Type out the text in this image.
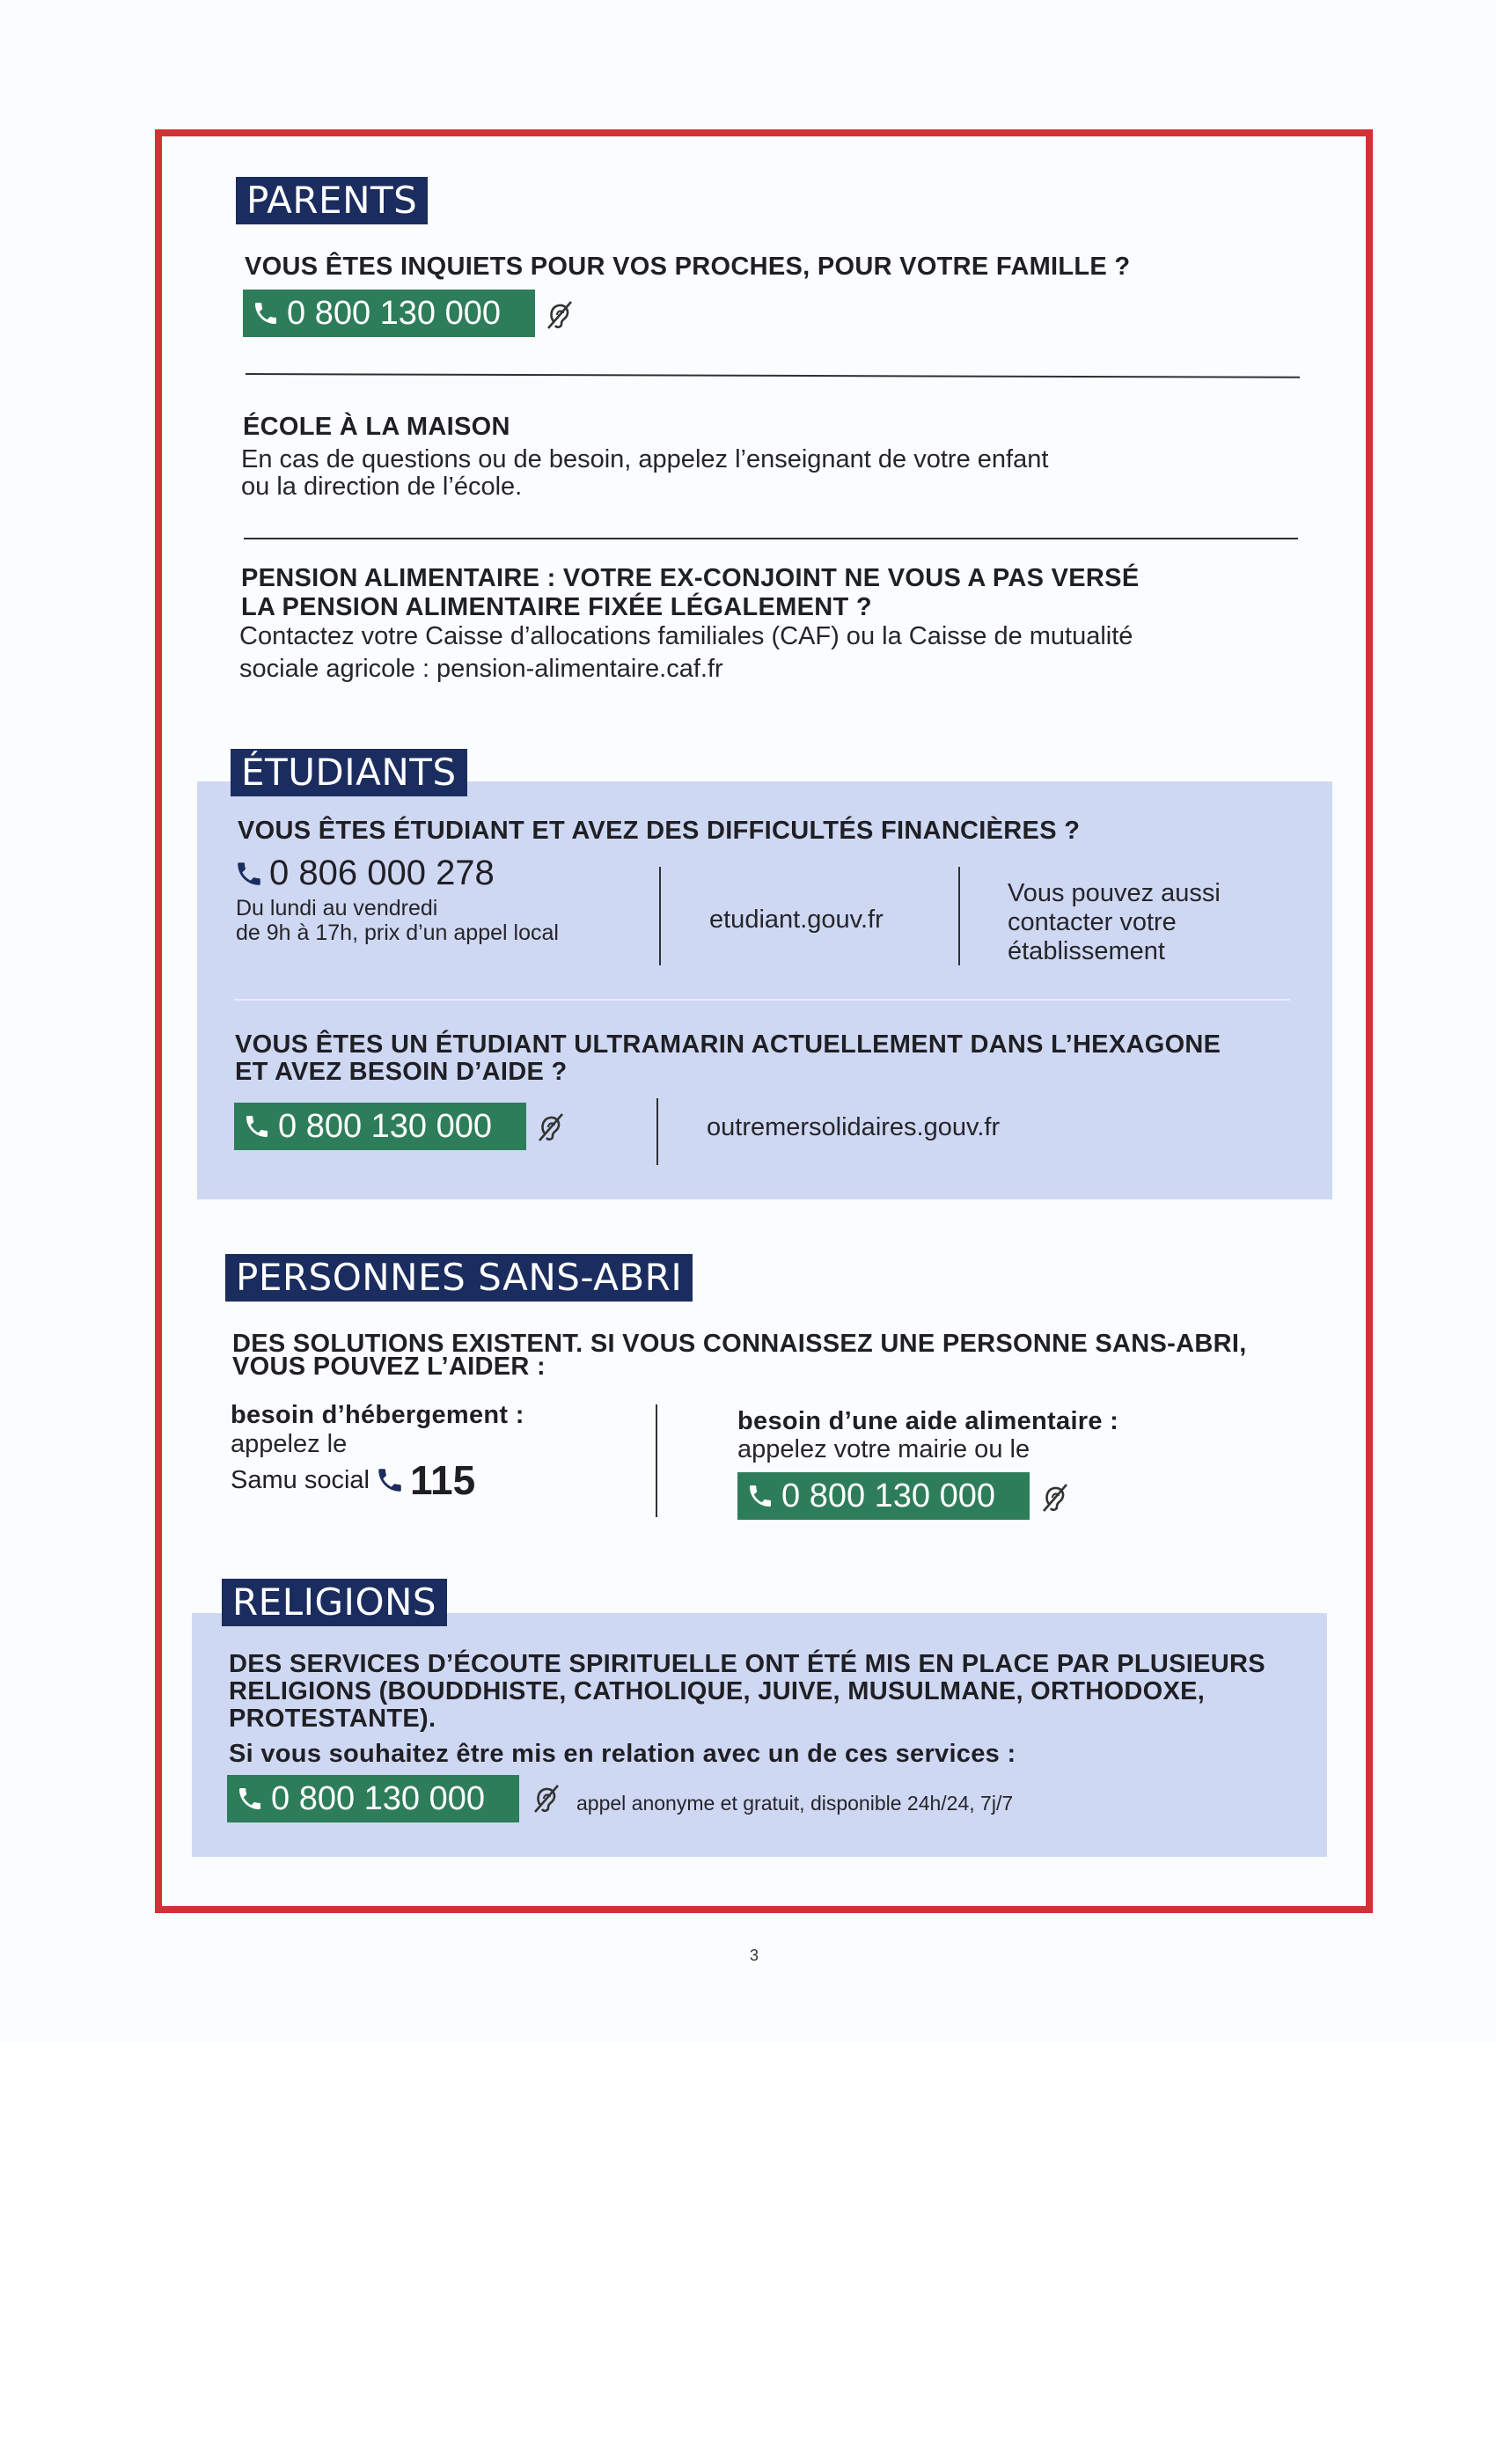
PARENTS
VOUS ÊTES INQUIETS POUR VOS PROCHES, POUR VOTRE FAMILLE ?
0 800 130 000
ÉCOLE À LA MAISON
En cas de questions ou de besoin, appelez l’enseignant de votre enfant
ou la direction de l’école.
PENSION ALIMENTAIRE : VOTRE EX-CONJOINT NE VOUS A PAS VERSÉ
LA PENSION ALIMENTAIRE FIXÉE LÉGALEMENT ?
Contactez votre Caisse d’allocations familiales (CAF) ou la Caisse de mutualité
sociale agricole : pension-alimentaire.caf.fr
ÉTUDIANTS
VOUS ÊTES ÉTUDIANT ET AVEZ DES DIFFICULTÉS FINANCIÈRES ?
0 806 000 278
Du lundi au vendredi
de 9h à 17h, prix d’un appel local	etudiant.gouv.fr
Vous pouvez aussi
contacter votre
établissement
VOUS ÊTES UN ÉTUDIANT ULTRAMARIN ACTUELLEMENT DANS L’HEXAGONE
ET AVEZ BESOIN D’AIDE ?
0 800 130 000	outremersolidaires.gouv.fr
PERSONNES SANS-ABRI
DES SOLUTIONS EXISTENT. SI VOUS CONNAISSEZ UNE PERSONNE SANS-ABRI,
VOUS POUVEZ L’AIDER :
besoin d’hébergement :
appelez le
Samu social 115
besoin d’une aide alimentaire :
appelez votre mairie ou le
0 800 130 000
RELIGIONS
DES SERVICES D’ÉCOUTE SPIRITUELLE ONT ÉTÉ MIS EN PLACE PAR PLUSIEURS
RELIGIONS (BOUDDHISTE, CATHOLIQUE, JUIVE, MUSULMANE, ORTHODOXE,
PROTESTANTE).
Si vous souhaitez être mis en relation avec un de ces services :
0 800 130 000	appel anonyme et gratuit, disponible 24h/24, 7j/7
3
